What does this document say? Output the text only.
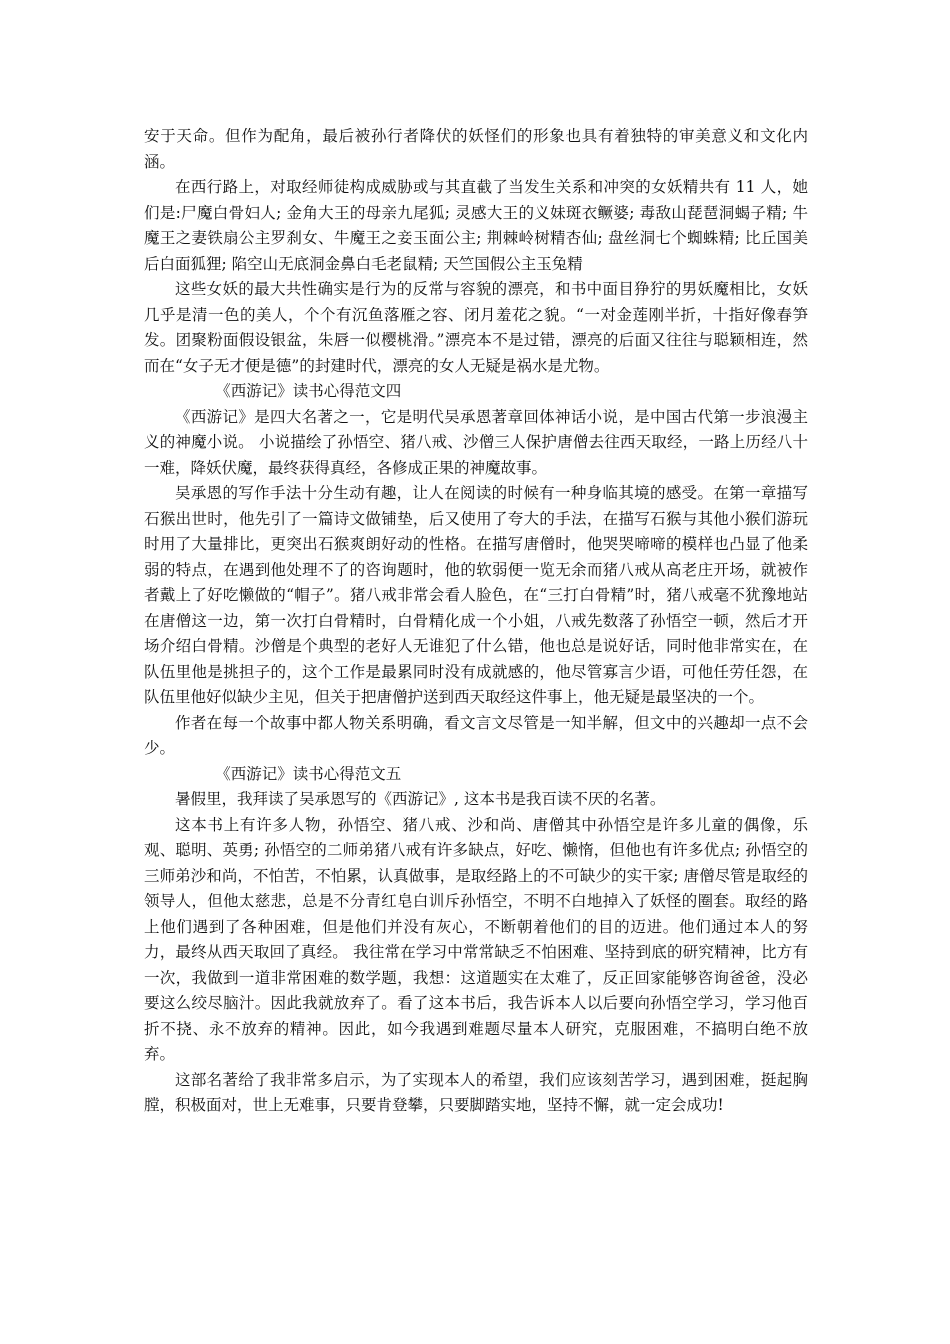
安于天命。但作为配角，最后被孙行者降伏的妖怪们的形象也具有着独特的审美意义和文化内涵。

在西行路上，对取经师徒构成威胁或与其直截了当发生关系和冲突的女妖精共有 11 人，她们是:尸魔白骨妇人; 金角大王的母亲九尾狐; 灵感大王的义妹斑衣鳜婆; 毒敌山琵琶洞蝎子精; 牛魔王之妻铁扇公主罗刹女、牛魔王之妾玉面公主; 荆棘岭树精杏仙; 盘丝洞七个蜘蛛精; 比丘国美后白面狐狸; 陷空山无底洞金鼻白毛老鼠精; 天竺国假公主玉兔精

这些女妖的最大共性确实是行为的反常与容貌的漂亮，和书中面目狰狞的男妖魔相比，女妖几乎是清一色的美人，个个有沉鱼落雁之容、闭月羞花之貌。“一对金莲刚半折，十指好像春笋发。团聚粉面假设银盆，朱唇一似樱桃滑。”漂亮本不是过错，漂亮的后面又往往与聪颖相连，然而在“女子无才便是德”的封建时代，漂亮的女人无疑是祸水是尤物。

《西游记》读书心得范文四

《西游记》是四大名著之一，它是明代吴承恩著章回体神话小说，是中国古代第一步浪漫主义的神魔小说。 小说描绘了孙悟空、猪八戒、沙僧三人保护唐僧去往西天取经，一路上历经八十一难，降妖伏魔，最终获得真经，各修成正果的神魔故事。

吴承恩的写作手法十分生动有趣，让人在阅读的时候有一种身临其境的感受。在第一章描写石猴出世时，他先引了一篇诗文做铺垫，后又使用了夸大的手法，在描写石猴与其他小猴们游玩时用了大量排比，更突出石猴爽朗好动的性格。在描写唐僧时，他哭哭啼啼的模样也凸显了他柔弱的特点，在遇到他处理不了的咨询题时，他的软弱便一览无余而猪八戒从高老庄开场，就被作者戴上了好吃懒做的“帽子”。猪八戒非常会看人脸色，在“三打白骨精”时，猪八戒毫不犹豫地站在唐僧这一边，第一次打白骨精时，白骨精化成一个小姐，八戒先数落了孙悟空一顿，然后才开场介绍白骨精。沙僧是个典型的老好人无谁犯了什么错，他也总是说好话，同时他非常实在，在队伍里他是挑担子的，这个工作是最累同时没有成就感的，他尽管寡言少语，可他任劳任怨，在队伍里他好似缺少主见，但关于把唐僧护送到西天取经这件事上，他无疑是最坚决的一个。

作者在每一个故事中都人物关系明确，看文言文尽管是一知半解，但文中的兴趣却一点不会少。

《西游记》读书心得范文五

暑假里，我拜读了吴承恩写的《西游记》, 这本书是我百读不厌的名著。

这本书上有许多人物，孙悟空、猪八戒、沙和尚、唐僧其中孙悟空是许多儿童的偶像，乐观、聪明、英勇; 孙悟空的二师弟猪八戒有许多缺点，好吃、懒惰，但他也有许多优点; 孙悟空的三师弟沙和尚，不怕苦，不怕累，认真做事，是取经路上的不可缺少的实干家; 唐僧尽管是取经的领导人，但他太慈悲，总是不分青红皂白训斥孙悟空，不明不白地掉入了妖怪的圈套。取经的路上他们遇到了各种困难，但是他们并没有灰心，不断朝着他们的目的迈进。他们通过本人的努力，最终从西天取回了真经。 我往常在学习中常常缺乏不怕困难、坚持到底的研究精神，比方有一次，我做到一道非常困难的数学题，我想：这道题实在太难了，反正回家能够咨询爸爸，没必要这么绞尽脑汁。因此我就放弃了。看了这本书后，我告诉本人以后要向孙悟空学习，学习他百折不挠、永不放弃的精神。因此，如今我遇到难题尽量本人研究，克服困难，不搞明白绝不放弃。

这部名著给了我非常多启示，为了实现本人的希望，我们应该刻苦学习，遇到困难，挺起胸膛，积极面对，世上无难事，只要肯登攀，只要脚踏实地，坚持不懈，就一定会成功!
